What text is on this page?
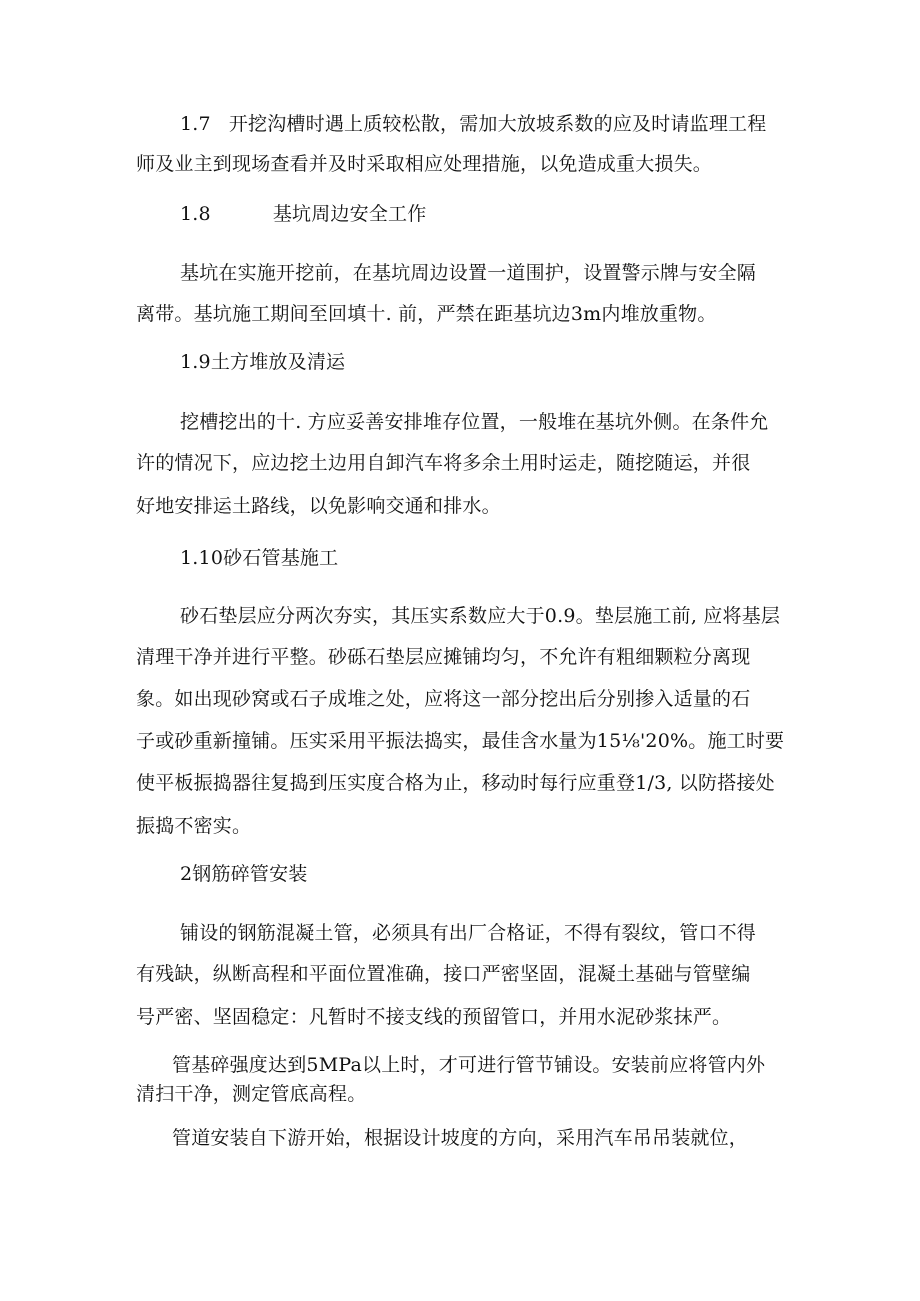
1.7 开挖沟槽时遇上质较松散，需加大放坡系数的应及时请监理工程
师及业主到现场查看并及时采取相应处理措施，以免造成重大损失。
1.8	基坑周边安全工作
基坑在实施开挖前，在基坑周边设置一道围护，设置警示牌与安全隔
离带。基坑施工期间至回填十. 前，严禁在距基坑边3m内堆放重物。
1.9土方堆放及清运
挖槽挖出的十. 方应妥善安排堆存位置，一般堆在基坑外侧。在条件允
许的情况下，应边挖土边用自卸汽车将多余土用时运走，随挖随运，并很
好地安排运土路线，以免影响交通和排水。
1.10砂石管基施工
砂石垫层应分两次夯实，其压实系数应大于0.9。垫层施工前, 应将基层
清理干净并进行平整。砂砾石垫层应摊铺均匀，不允许有粗细颗粒分离现
象。如出现砂窝或石子成堆之处，应将这一部分挖出后分别掺入适量的石
子或砂重新撞铺。压实采用平振法捣实，最佳含水量为15⅛'20%。施工时要
使平板振捣器往复捣到压实度合格为止，移动时每行应重登1/3, 以防搭接处
振捣不密实。
2钢筋碎管安装
铺设的钢筋混凝土管，必须具有出厂合格证，不得有裂纹，管口不得
有残缺，纵断高程和平面位置准确，接口严密坚固，混凝土基础与管壁编
号严密、坚固稳定：凡暂时不接支线的预留管口，并用水泥砂浆抹严。
管基碎强度达到5MPa以上时，才可进行管节铺设。安装前应将管内外
清扫干净，测定管底高程。
管道安装自下游开始，根据设计坡度的方向，采用汽车吊吊装就位，
